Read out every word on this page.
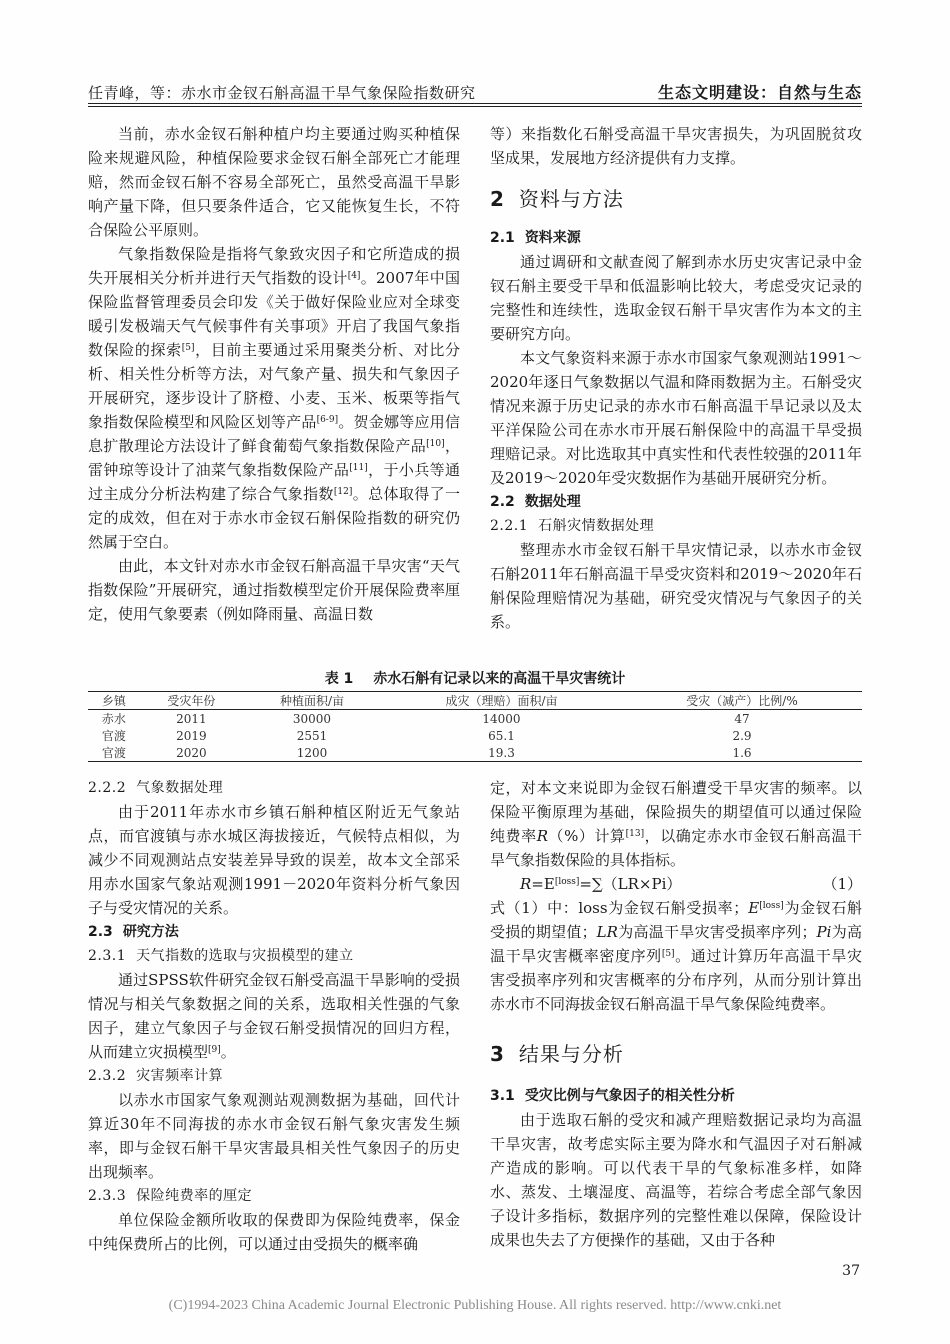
任青峰，等：赤水市金钗石斛高温干旱气象保险指数研究	生态文明建设：自然与生态

当前，赤水金钗石斛种植户均主要通过购买种植保险来规避风险，种植保险要求金钗石斛全部死亡才能理赔，然而金钗石斛不容易全部死亡，虽然受高温干旱影响产量下降，但只要条件适合，它又能恢复生长，不符合保险公平原则。

气象指数保险是指将气象致灾因子和它所造成的损失开展相关分析并进行天气指数的设计[4]。2007年中国保险监督管理委员会印发《关于做好保险业应对全球变暖引发极端天气气候事件有关事项》开启了我国气象指数保险的探索[5]，目前主要通过采用聚类分析、对比分析、相关性分析等方法，对气象产量、损失和气象因子开展研究，逐步设计了脐橙、小麦、玉米、板栗等指气象指数保险模型和风险区划等产品[6-9]。贺金娜等应用信息扩散理论方法设计了鲜食葡萄气象指数保险产品[10]，雷钟琼等设计了油菜气象指数保险产品[11]，于小兵等通过主成分分析法构建了综合气象指数[12]。总体取得了一定的成效，但在对于赤水市金钗石斛保险指数的研究仍然属于空白。

由此，本文针对赤水市金钗石斛高温干旱灾害“天气指数保险”开展研究，通过指数模型定价开展保险费率厘定，使用气象要素（例如降雨量、高温日数

等）来指数化石斛受高温干旱灾害损失，为巩固脱贫攻坚成果，发展地方经济提供有力支撑。

2 资料与方法

2.1 资料来源

通过调研和文献查阅了解到赤水历史灾害记录中金钗石斛主要受干旱和低温影响比较大，考虑受灾记录的完整性和连续性，选取金钗石斛干旱灾害作为本文的主要研究方向。

本文气象资料来源于赤水市国家气象观测站1991～2020年逐日气象数据以气温和降雨数据为主。石斛受灾情况来源于历史记录的赤水市石斛高温干旱记录以及太平洋保险公司在赤水市开展石斛保险中的高温干旱受损理赔记录。对比选取其中真实性和代表性较强的2011年及2019～2020年受灾数据作为基础开展研究分析。

2.2 数据处理

2.2.1 石斛灾情数据处理

整理赤水市金钗石斛干旱灾情记录，以赤水市金钗石斛2011年石斛高温干旱受灾资料和2019～2020年石斛保险理赔情况为基础，研究受灾情况与气象因子的关系。

表 1 赤水石斛有记录以来的高温干旱灾害统计
乡镇	受灾年份	种植面积/亩	成灾（理赔）面积/亩	受灾（减产）比例/%
赤水	2011	30000	14000	47
官渡	2019	2551	65.1	2.9
官渡	2020	1200	19.3	1.6

2.2.2 气象数据处理

由于2011年赤水市乡镇石斛种植区附近无气象站点，而官渡镇与赤水城区海拔接近，气候特点相似，为减少不同观测站点安装差异导致的误差，故本文全部采用赤水国家气象站观测1991－2020年资料分析气象因子与受灾情况的关系。

2.3 研究方法

2.3.1 天气指数的选取与灾损模型的建立

通过SPSS软件研究金钗石斛受高温干旱影响的受损情况与相关气象数据之间的关系，选取相关性强的气象因子，建立气象因子与金钗石斛受损情况的回归方程，从而建立灾损模型[9]。

2.3.2 灾害频率计算

以赤水市国家气象观测站观测数据为基础，回代计算近30年不同海拔的赤水市金钗石斛气象灾害发生频率，即与金钗石斛干旱灾害最具相关性气象因子的历史出现频率。

2.3.3 保险纯费率的厘定

单位保险金额所收取的保费即为保险纯费率，保金中纯保费所占的比例，可以通过由受损失的概率确

定，对本文来说即为金钗石斛遭受干旱灾害的频率。以保险平衡原理为基础，保险损失的期望值可以通过保险纯费率R（%）计算[13]，以确定赤水市金钗石斛高温干旱气象指数保险的具体指标。

R=E[loss]=∑（LR×Pi）	（1）

式（1）中：loss为金钗石斛受损率；E[loss]为金钗石斛受损的期望值；LR为高温干旱灾害受损率序列；Pi为高温干旱灾害概率密度序列[5]。通过计算历年高温干旱灾害受损率序列和灾害概率的分布序列，从而分别计算出赤水市不同海拔金钗石斛高温干旱气象保险纯费率。

3 结果与分析

3.1 受灾比例与气象因子的相关性分析

由于选取石斛的受灾和减产理赔数据记录均为高温干旱灾害，故考虑实际主要为降水和气温因子对石斛减产造成的影响。可以代表干旱的气象标准多样，如降水、蒸发、土壤湿度、高温等，若综合考虑全部气象因子设计多指标，数据序列的完整性难以保障，保险设计成果也失去了方便操作的基础，又由于各种

37
(C)1994-2023 China Academic Journal Electronic Publishing House. All rights reserved. http://www.cnki.net
